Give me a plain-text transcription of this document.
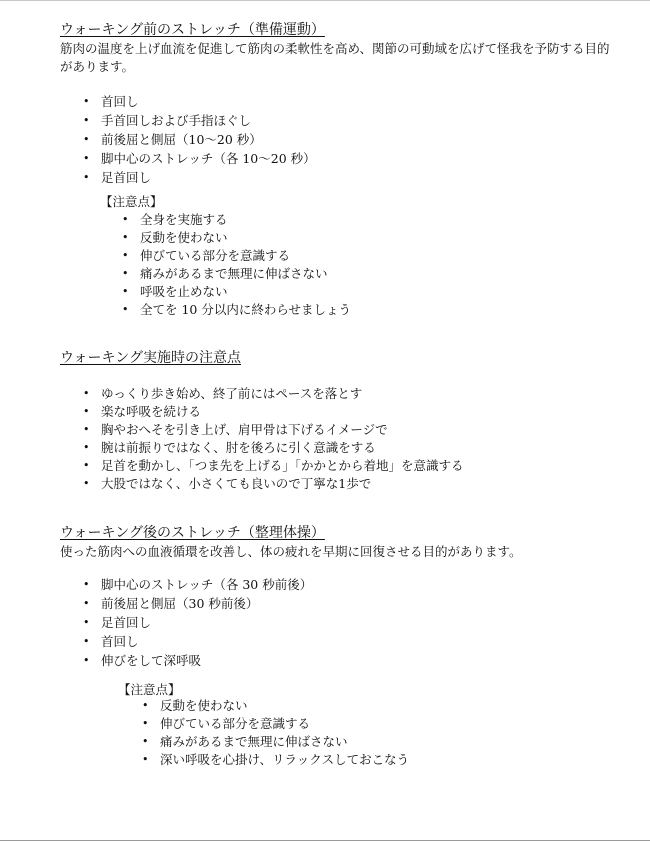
ウォーキング前のストレッチ（準備運動）
筋肉の温度を上げ血流を促進して筋肉の柔軟性を高め、関節の可動域を広げて怪我を予防する目的があります。
• 首回し
• 手首回しおよび手指ほぐし
• 前後屈と側屈（10〜20 秒）
• 脚中心のストレッチ（各 10〜20 秒）
• 足首回し
【注意点】
• 全身を実施する
• 反動を使わない
• 伸びている部分を意識する
• 痛みがあるまで無理に伸ばさない
• 呼吸を止めない
• 全てを 10 分以内に終わらせましょう
ウォーキング実施時の注意点
• ゆっくり歩き始め、終了前にはペースを落とす
• 楽な呼吸を続ける
• 胸やおへそを引き上げ、肩甲骨は下げるイメージで
• 腕は前振りではなく、肘を後ろに引く意識をする
• 足首を動かし、「つま先を上げる」「かかとから着地」を意識する
• 大股ではなく、小さくても良いので丁寧な1歩で
ウォーキング後のストレッチ（整理体操）
使った筋肉への血液循環を改善し、体の疲れを早期に回復させる目的があります。
• 脚中心のストレッチ（各 30 秒前後）
• 前後屈と側屈（30 秒前後）
• 足首回し
• 首回し
• 伸びをして深呼吸
【注意点】
• 反動を使わない
• 伸びている部分を意識する
• 痛みがあるまで無理に伸ばさない
• 深い呼吸を心掛け、リラックスしておこなう
